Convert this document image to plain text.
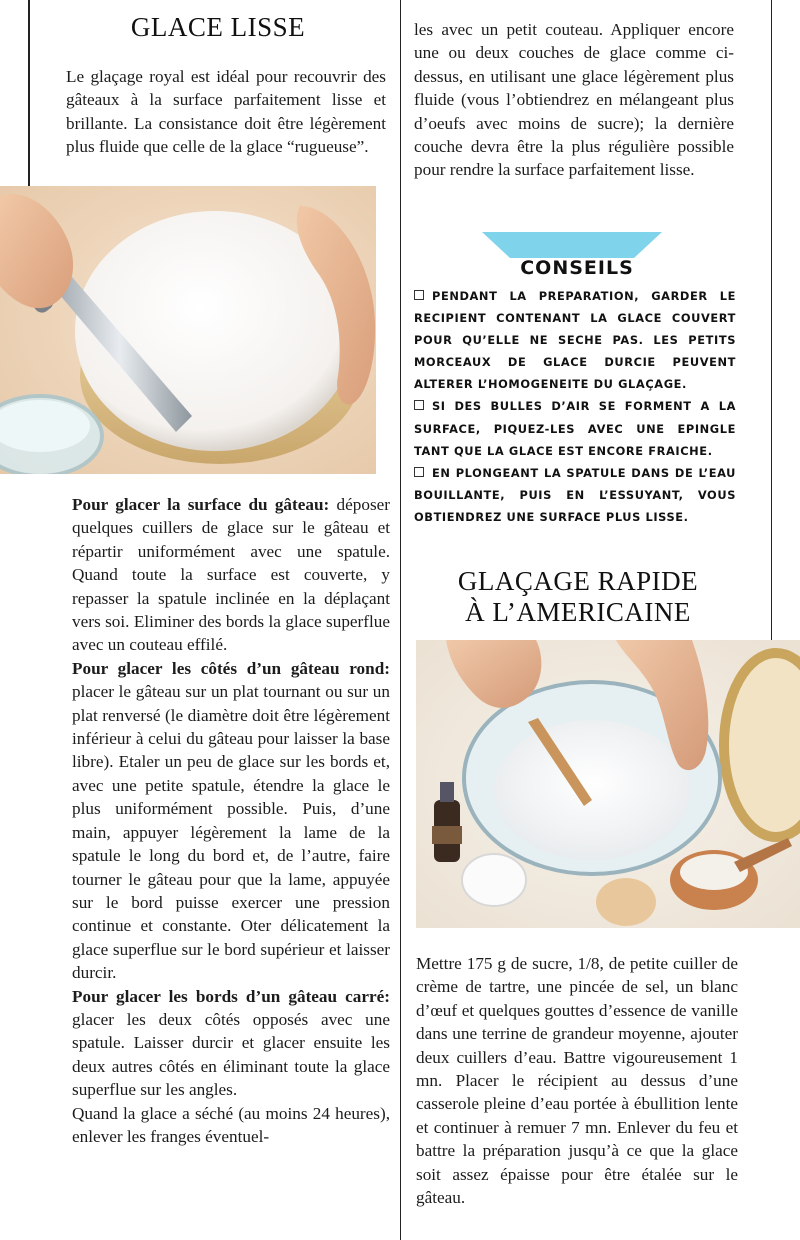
GLACE LISSE
Le glaçage royal est idéal pour recouvrir des gâteaux à la surface parfaitement lisse et brillante. La consistance doit être légèrement plus fluide que celle de la glace “rugueuse”.
Pour glacer la surface du gâteau: déposer quelques cuillers de glace sur le gâteau et répartir uniformément avec une spatule. Quand toute la surface est couverte, y repasser la spatule inclinée en la déplaçant vers soi. Eliminer des bords la glace superflue avec un couteau effilé.
Pour glacer les côtés d’un gâteau rond: placer le gâteau sur un plat tournant ou sur un plat renversé (le diamètre doit être légèrement inférieur à celui du gâteau pour laisser la base libre). Etaler un peu de glace sur les bords et, avec une petite spatule, étendre la glace le plus uniformément possible. Puis, d’une main, appuyer légèrement la lame de la spatule le long du bord et, de l’autre, faire tourner le gâteau pour que la lame, appuyée sur le bord puisse exercer une pression continue et constante. Oter délicatement la glace superflue sur le bord supérieur et laisser durcir.
Pour glacer les bords d’un gâteau carré: glacer les deux côtés opposés avec une spatule. Laisser durcir et glacer ensuite les deux autres côtés en éliminant toute la glace superflue sur les angles.
Quand la glace a séché (au moins 24 heures), enlever les franges éventuel-
les avec un petit couteau. Appliquer encore une ou deux couches de glace comme ci-dessus, en utilisant une glace légèrement plus fluide (vous l’obtiendrez en mélangeant plus d’oeufs avec moins de sucre); la dernière couche devra être la plus régulière possible pour rendre la surface parfaitement lisse.
CONSEILS

PENDANT LA PREPARATION, GARDER LE RECIPIENT CONTENANT LA GLACE COUVERT POUR QU’ELLE NE SECHE PAS. LES PETITS MORCEAUX DE GLACE DURCIE PEUVENT ALTERER L’HOMOGENEITE DU GLAÇAGE.

SI DES BULLES D’AIR SE FORMENT A LA SURFACE, PIQUEZ-LES AVEC UNE EPINGLE TANT QUE LA GLACE EST ENCORE FRAICHE.

EN PLONGEANT LA SPATULE DANS DE L’EAU BOUILLANTE, PUIS EN L’ESSUYANT, VOUS OBTIENDREZ UNE SURFACE PLUS LISSE.

GLAÇAGE RAPIDE
À L’AMERICAINE
Mettre 175 g de sucre, 1/8, de petite cuiller de crème de tartre, une pincée de sel, un blanc d’œuf et quelques gouttes d’essence de vanille dans une terrine de grandeur moyenne, ajouter deux cuillers d’eau. Battre vigoureusement 1 mn. Placer le récipient au dessus d’une casserole pleine d’eau portée à ébullition lente et continuer à remuer 7 mn. Enlever du feu et battre la préparation jusqu’à ce que la glace soit assez épaisse pour être étalée sur le gâteau.
